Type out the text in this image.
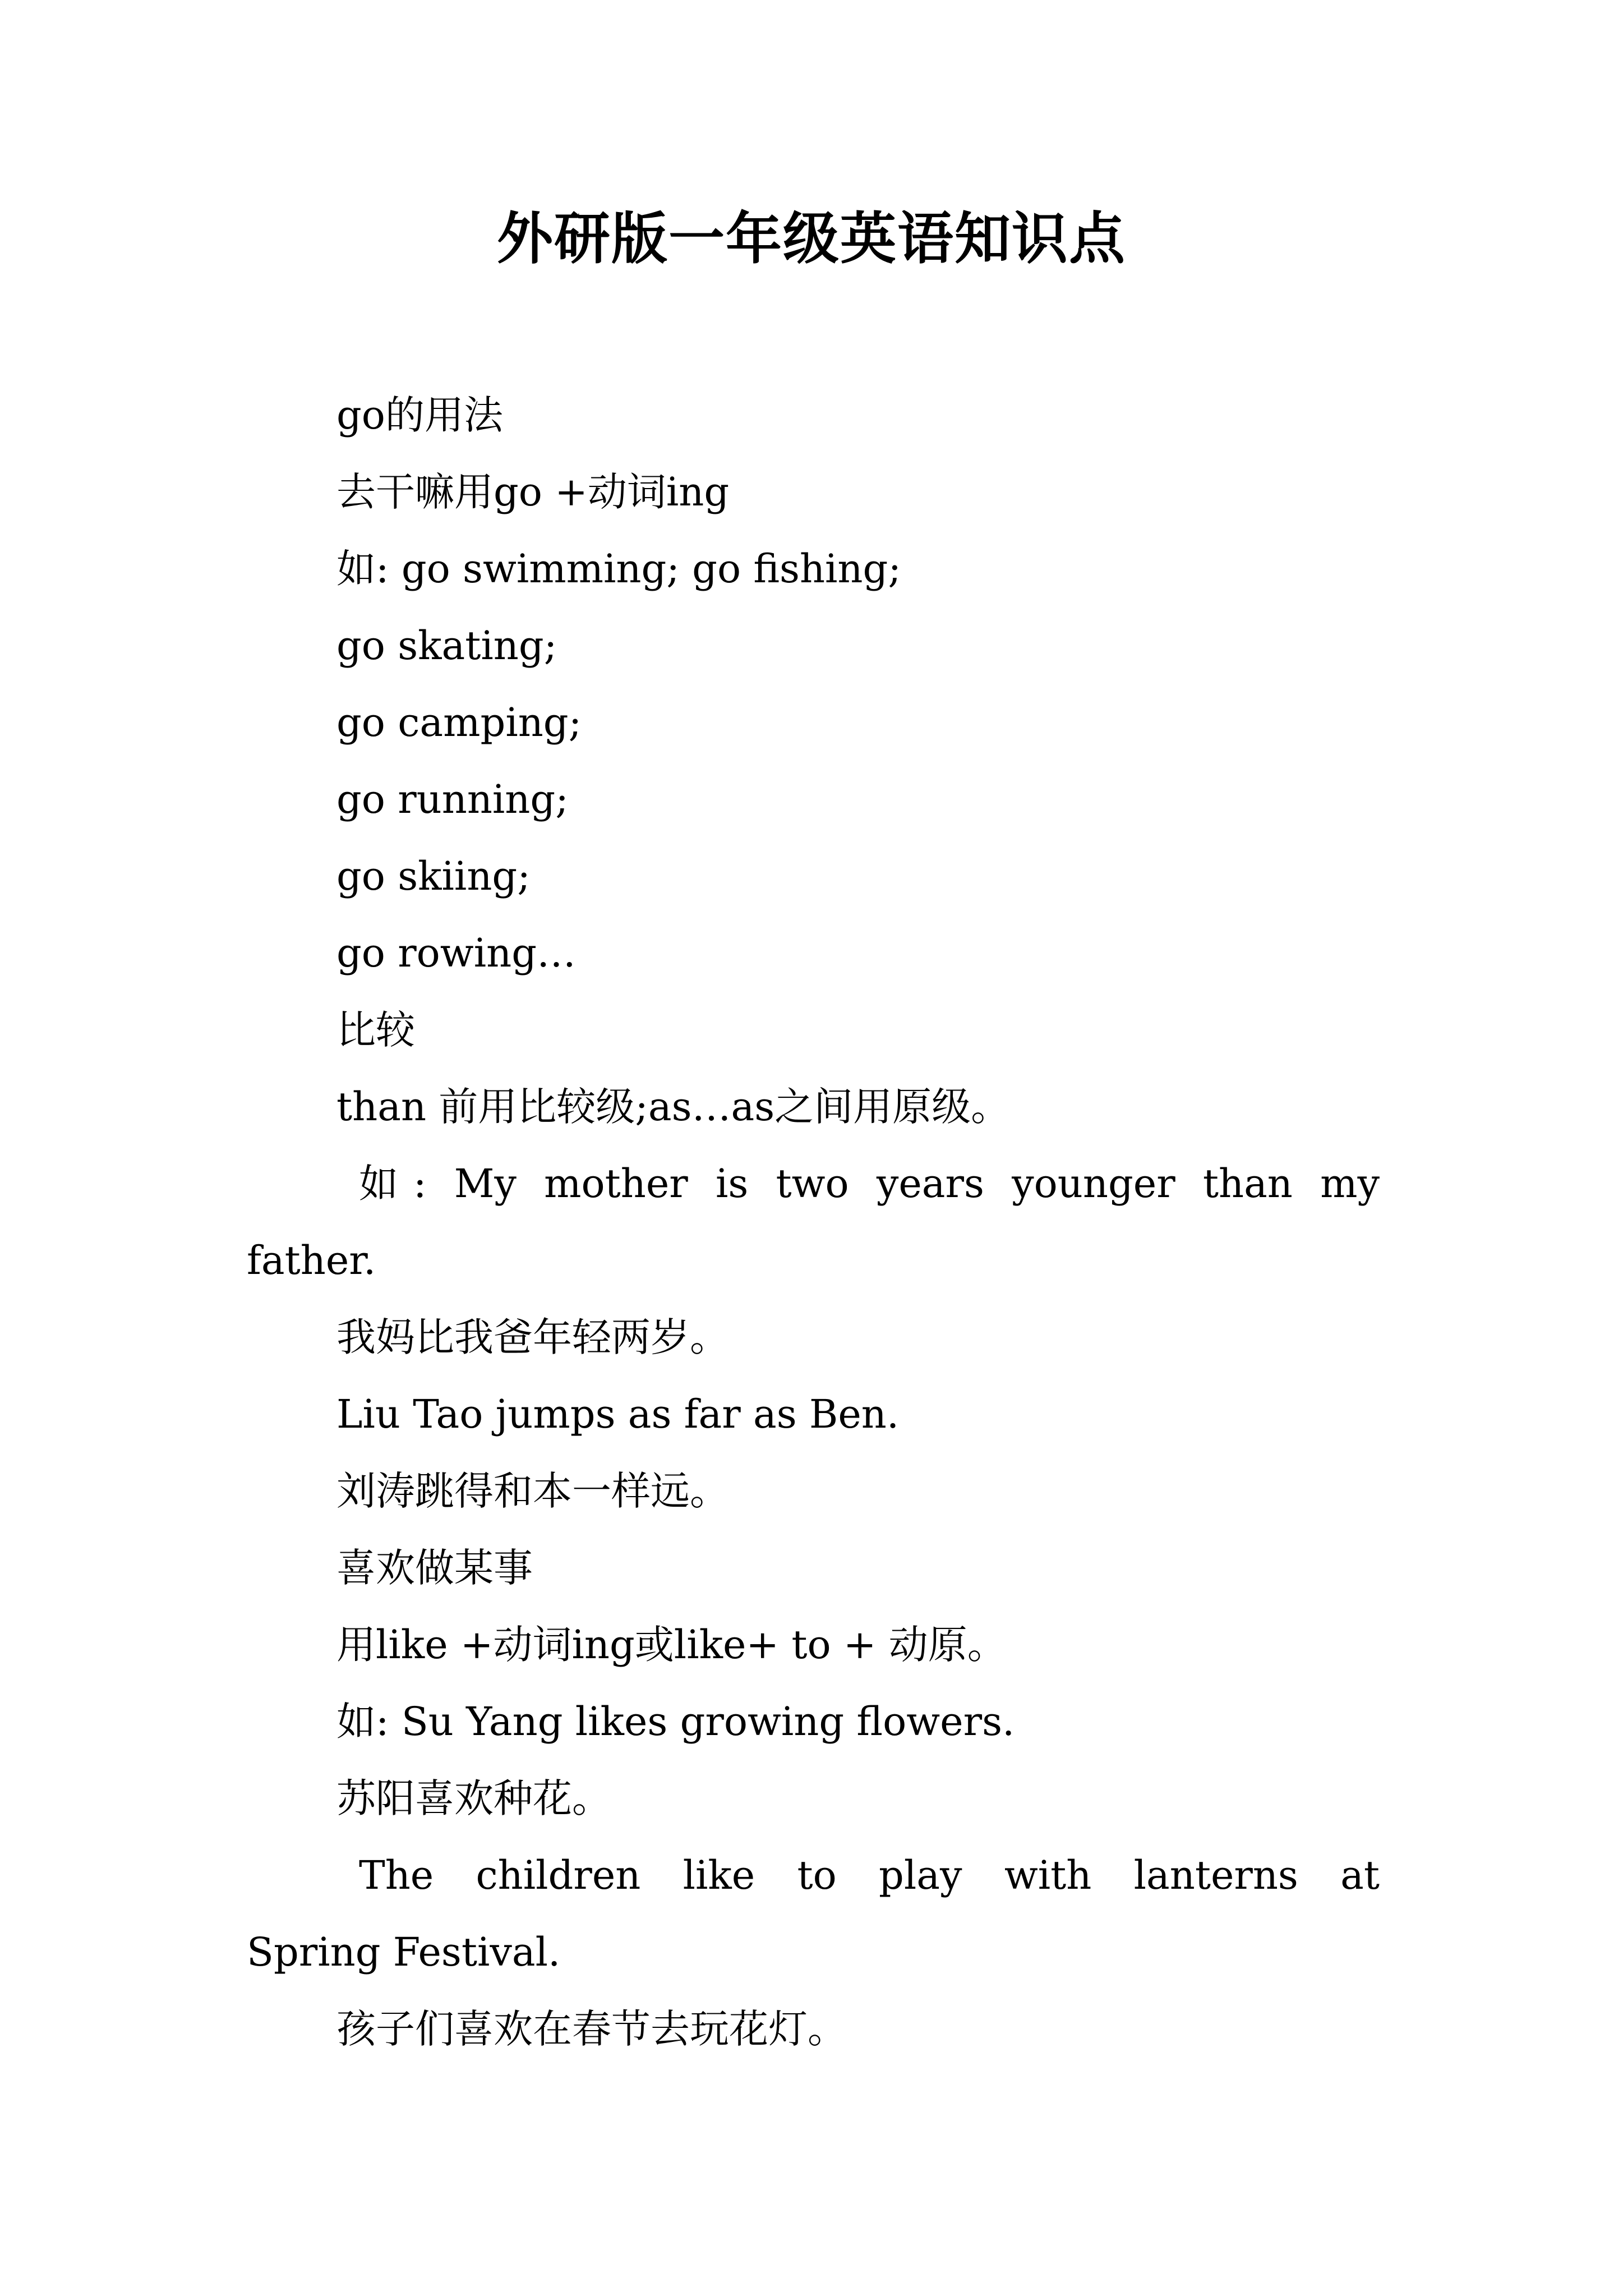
外研版一年级英语知识点
go的用法
去干嘛用go +动词ing
如: go swimming; go fishing;
go skating;
go camping;
go running;
go skiing;
go rowing…
比较
than 前用比较级;as…as之间用原级。
如: My mother is two years younger than my
father.
我妈比我爸年轻两岁。
Liu Tao jumps as far as Ben.
刘涛跳得和本一样远。
喜欢做某事
用like +动词ing或like+ to + 动原。
如: Su Yang likes growing flowers.
苏阳喜欢种花。
The children like to play with lanterns at
Spring Festival.
孩子们喜欢在春节去玩花灯。
